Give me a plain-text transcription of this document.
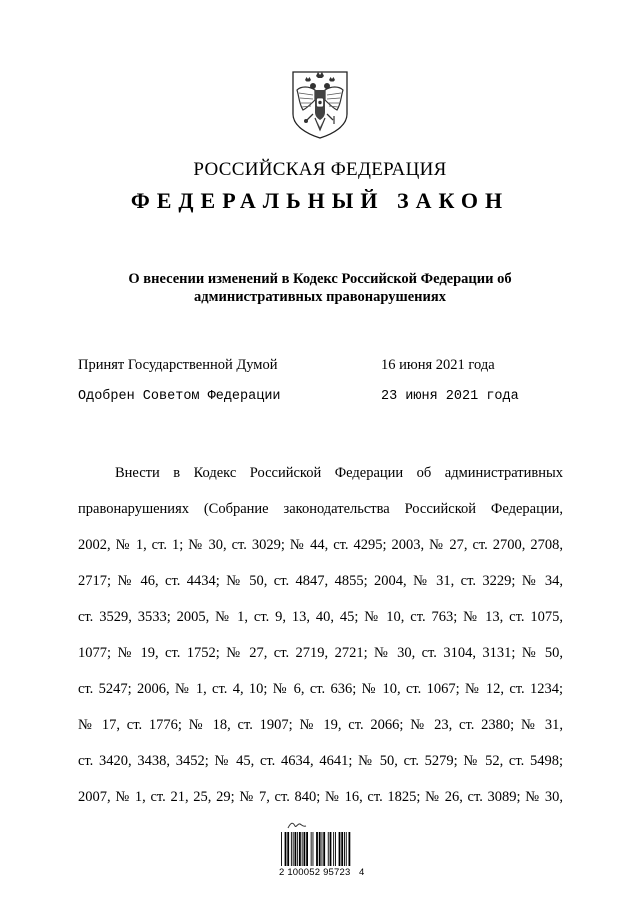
РОССИЙСКАЯ ФЕДЕРАЦИЯ
ФЕДЕРАЛЬНЫЙ ЗАКОН
О внесении изменений в Кодекс Российской Федерации об
административных правонарушениях
Принят Государственной Думой	16 июня 2021 года
Одобрен Советом Федерации	23 июня 2021 года
Внести в Кодекс Российской Федерации об административных
правонарушениях (Собрание законодательства Российской Федерации,
2002, № 1, ст. 1; № 30, ст. 3029; № 44, ст. 4295; 2003, № 27, ст. 2700, 2708,
2717; № 46, ст. 4434; № 50, ст. 4847, 4855; 2004, № 31, ст. 3229; № 34,
ст. 3529, 3533; 2005, № 1, ст. 9, 13, 40, 45; № 10, ст. 763; № 13, ст. 1075,
1077; № 19, ст. 1752; № 27, ст. 2719, 2721; № 30, ст. 3104, 3131; № 50,
ст. 5247; 2006, № 1, ст. 4, 10; № 6, ст. 636; № 10, ст. 1067; № 12, ст. 1234;
№ 17, ст. 1776; № 18, ст. 1907; № 19, ст. 2066; № 23, ст. 2380; № 31,
ст. 3420, 3438, 3452; № 45, ст. 4634, 4641; № 50, ст. 5279; № 52, ст. 5498;
2007, № 1, ст. 21, 25, 29; № 7, ст. 840; № 16, ст. 1825; № 26, ст. 3089; № 30,
2 100052 95723   4
